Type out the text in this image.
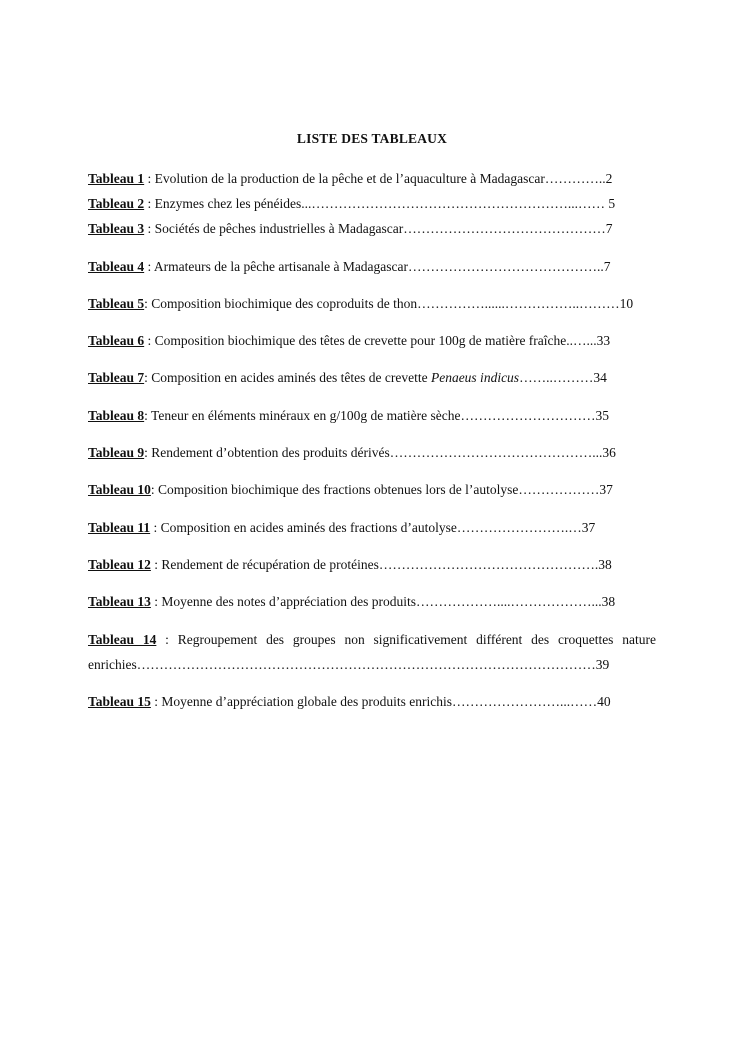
LISTE DES TABLEAUX
Tableau 1 : Evolution de la production de la pêche et de l’aquaculture à Madagascar…………..2
Tableau 2 : Enzymes chez les pénéides...…………………………………………………...…… 5
Tableau 3 : Sociétés de pêches industrielles à Madagascar………………………………………7
Tableau 4 : Armateurs de la pêche artisanale à Madagascar……………………………………..7
Tableau 5: Composition biochimique des coproduits de thon……………......……………..………10
Tableau 6 : Composition biochimique des têtes de crevette pour 100g de matière fraîche..…...33
Tableau 7: Composition en acides aminés des têtes de crevette Penaeus indicus……..………34
Tableau 8: Teneur en éléments minéraux en g/100g de matière sèche…………………………35
Tableau 9: Rendement d’obtention des produits dérivés………………………………………...36
Tableau 10: Composition biochimique des fractions obtenues lors de l’autolyse………………37
Tableau 11 : Composition en acides aminés des fractions d’autolyse…………………….…37
Tableau 12 : Rendement de récupération de protéines………………………………………….38
Tableau 13 : Moyenne des notes d’appréciation des produits………………....………………...38
Tableau 14 : Regroupement des groupes non significativement différent des croquettes nature enrichies…………………………………………………………………………………………39
Tableau 15 : Moyenne d’appréciation globale des produits enrichis……………………...……40
